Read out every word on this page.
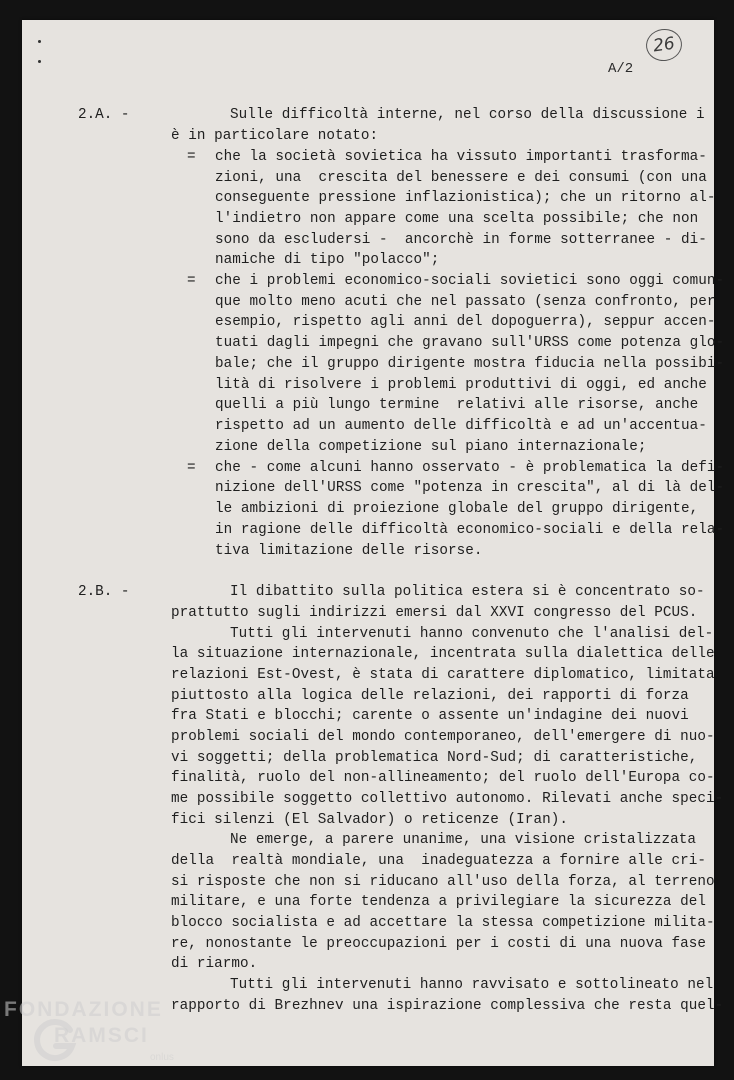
26
A/2

2.A. -	Sulle difficoltà interne, nel corso della discussione i

è in particolare notato:

= che la società sovietica ha vissuto importanti trasforma-

zioni, una  crescita del benessere e dei consumi (con una

conseguente pressione inflazionistica); che un ritorno al-

l'indietro non appare come una scelta possibile; che non

sono da escludersi -  ancorchè in forme sotterranee - di-

namiche di tipo "polacco";

= che i problemi economico-sociali sovietici sono oggi comun-

que molto meno acuti che nel passato (senza confronto, per

esempio, rispetto agli anni del dopoguerra), seppur accen-

tuati dagli impegni che gravano sull'URSS come potenza glo-

bale; che il gruppo dirigente mostra fiducia nella possibi-

lità di risolvere i problemi produttivi di oggi, ed anche

quelli a più lungo termine  relativi alle risorse, anche

rispetto ad un aumento delle difficoltà e ad un'accentua-

zione della competizione sul piano internazionale;

= che - come alcuni hanno osservato - è problematica la defi-

nizione dell'URSS come "potenza in crescita", al di là del-

le ambizioni di proiezione globale del gruppo dirigente,

in ragione delle difficoltà economico-sociali e della rela-

tiva limitazione delle risorse.

2.B. -	Il dibattito sulla politica estera si è concentrato so-

prattutto sugli indirizzi emersi dal XXVI congresso del PCUS.

Tutti gli intervenuti hanno convenuto che l'analisi del-

la situazione internazionale, incentrata sulla dialettica delle

relazioni Est-Ovest, è stata di carattere diplomatico, limitata

piuttosto alla logica delle relazioni, dei rapporti di forza

fra Stati e blocchi; carente o assente un'indagine dei nuovi

problemi sociali del mondo contemporaneo, dell'emergere di nuo-

vi soggetti; della problematica Nord-Sud; di caratteristiche,

finalità, ruolo del non-allineamento; del ruolo dell'Europa co-

me possibile soggetto collettivo autonomo. Rilevati anche speci-

fici silenzi (El Salvador) o reticenze (Iran).

Ne emerge, a parere unanime, una visione cristalizzata

della  realtà mondiale, una  inadeguatezza a fornire alle cri-

si risposte che non si riducano all'uso della forza, al terreno

militare, e una forte tendenza a privilegiare la sicurezza del

blocco socialista e ad accettare la stessa competizione milita-

re, nonostante le preoccupazioni per i costi di una nuova fase

di riarmo.

Tutti gli intervenuti hanno ravvisato e sottolineato nel

rapporto di Brezhnev una ispirazione complessiva che resta quel-

FONDAZIONE
RAMSCI
onlus
